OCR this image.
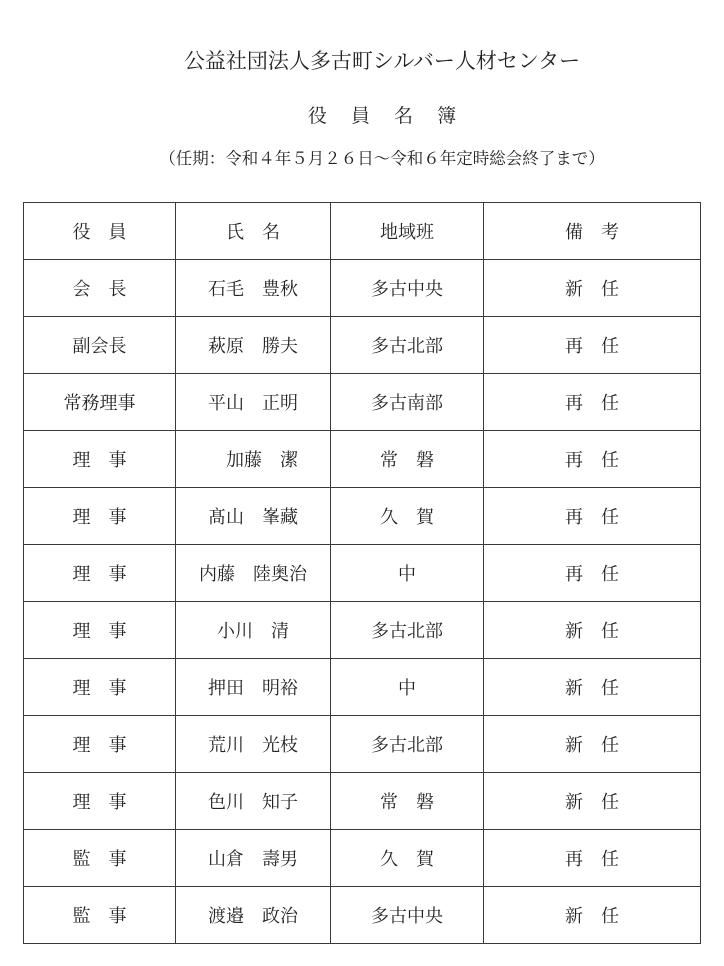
公益社団法人多古町シルバー人材センター
役 員 名 簿
（任期：令和４年５月２６日～令和６年定時総会終了まで）
役　員	氏　名	地域班	備　考
会　長	石毛　豊秋	多古中央	新　任
副会長	萩原　勝夫	多古北部	再　任
常務理事	平山　正明	多古南部	再　任
理　事	　加藤　潔	常　磐	再　任
理　事	髙山　峯藏	久　賀	再　任
理　事	内藤　陸奥治	中	再　任
理　事	小川　清	多古北部	新　任
理　事	押田　明裕	中	新　任
理　事	荒川　光枝	多古北部	新　任
理　事	色川　知子	常　磐	新　任
監　事	山倉　壽男	久　賀	再　任
監　事	渡邉　政治	多古中央	新　任
